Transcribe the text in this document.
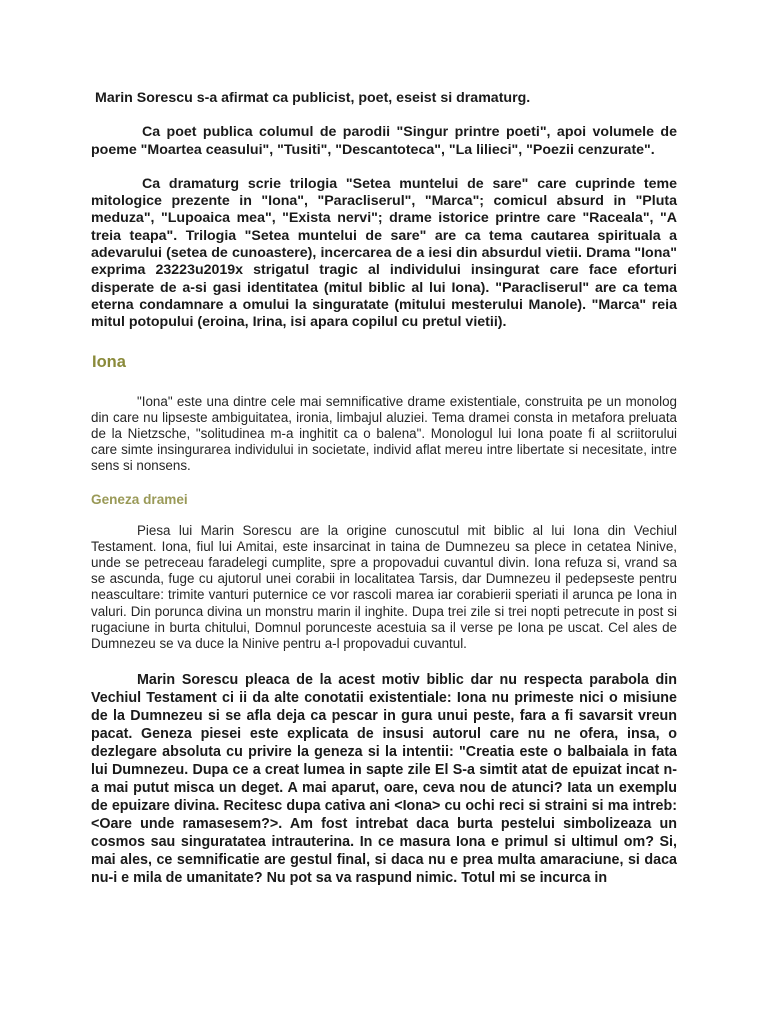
Marin Sorescu s-a afirmat ca publicist, poet, eseist si dramaturg.

Ca poet publica columul de parodii "Singur printre poeti", apoi volumele de poeme "Moartea ceasului", "Tusiti", "Descantoteca", "La lilieci", "Poezii cenzurate".

Ca dramaturg scrie trilogia "Setea muntelui de sare" care cuprinde teme mitologice prezente in "Iona", "Paracliserul", "Marca"; comicul absurd in "Pluta meduza", "Lupoaica mea", "Exista nervi"; drame istorice printre care "Raceala", "A treia teapa". Trilogia "Setea muntelui de sare" are ca tema cautarea spirituala a adevarului (setea de cunoastere), incercarea de a iesi din absurdul vietii. Drama "Iona" exprima 23223u2019x strigatul tragic al individului insingurat care face eforturi disperate de a-si gasi identitatea (mitul biblic al lui Iona). "Paracliserul" are ca tema eterna condamnare a omului la singuratate (mitului mesterului Manole). "Marca" reia mitul potopului (eroina, Irina, isi apara copilul cu pretul vietii).

Iona

"Iona" este una dintre cele mai semnificative drame existentiale, construita pe un monolog din care nu lipseste ambiguitatea, ironia, limbajul aluziei. Tema dramei consta in metafora preluata de la Nietzsche, "solitudinea m-a inghitit ca o balena". Monologul lui Iona poate fi al scriitorului care simte insingurarea individului in societate, individ aflat mereu intre libertate si necesitate, intre sens si nonsens.

Geneza dramei

Piesa lui Marin Sorescu are la origine cunoscutul mit biblic al lui Iona din Vechiul Testament. Iona, fiul lui Amitai, este insarcinat in taina de Dumnezeu sa plece in cetatea Ninive, unde se petreceau faradelegi cumplite, spre a propovadui cuvantul divin. Iona refuza si, vrand sa se ascunda, fuge cu ajutorul unei corabii in localitatea Tarsis, dar Dumnezeu il pedepseste pentru neascultare: trimite vanturi puternice ce vor rascoli marea iar corabierii speriati il arunca pe Iona in valuri. Din porunca divina un monstru marin il inghite. Dupa trei zile si trei nopti petrecute in post si rugaciune in burta chitului, Domnul porunceste acestuia sa il verse pe Iona pe uscat. Cel ales de Dumnezeu se va duce la Ninive pentru a-l propovadui cuvantul.

Marin Sorescu pleaca de la acest motiv biblic dar nu respecta parabola din Vechiul Testament ci ii da alte conotatii existentiale: Iona nu primeste nici o misiune de la Dumnezeu si se afla deja ca pescar in gura unui peste, fara a fi savarsit vreun pacat. Geneza piesei este explicata de insusi autorul care nu ne ofera, insa, o dezlegare absoluta cu privire la geneza si la intentii: "Creatia este o balbaiala in fata lui Dumnezeu. Dupa ce a creat lumea in sapte zile El S-a simtit atat de epuizat incat n-a mai putut misca un deget. A mai aparut, oare, ceva nou de atunci? Iata un exemplu de epuizare divina. Recitesc dupa cativa ani <Iona> cu ochi reci si straini si ma intreb: <Oare unde ramasesem?>. Am fost intrebat daca burta pestelui simbolizeaza un cosmos sau singuratatea intrauterina. In ce masura Iona e primul si ultimul om? Si, mai ales, ce semnificatie are gestul final, si daca nu e prea multa amaraciune, si daca nu-i e mila de umanitate? Nu pot sa va raspund nimic. Totul mi se incurca in
